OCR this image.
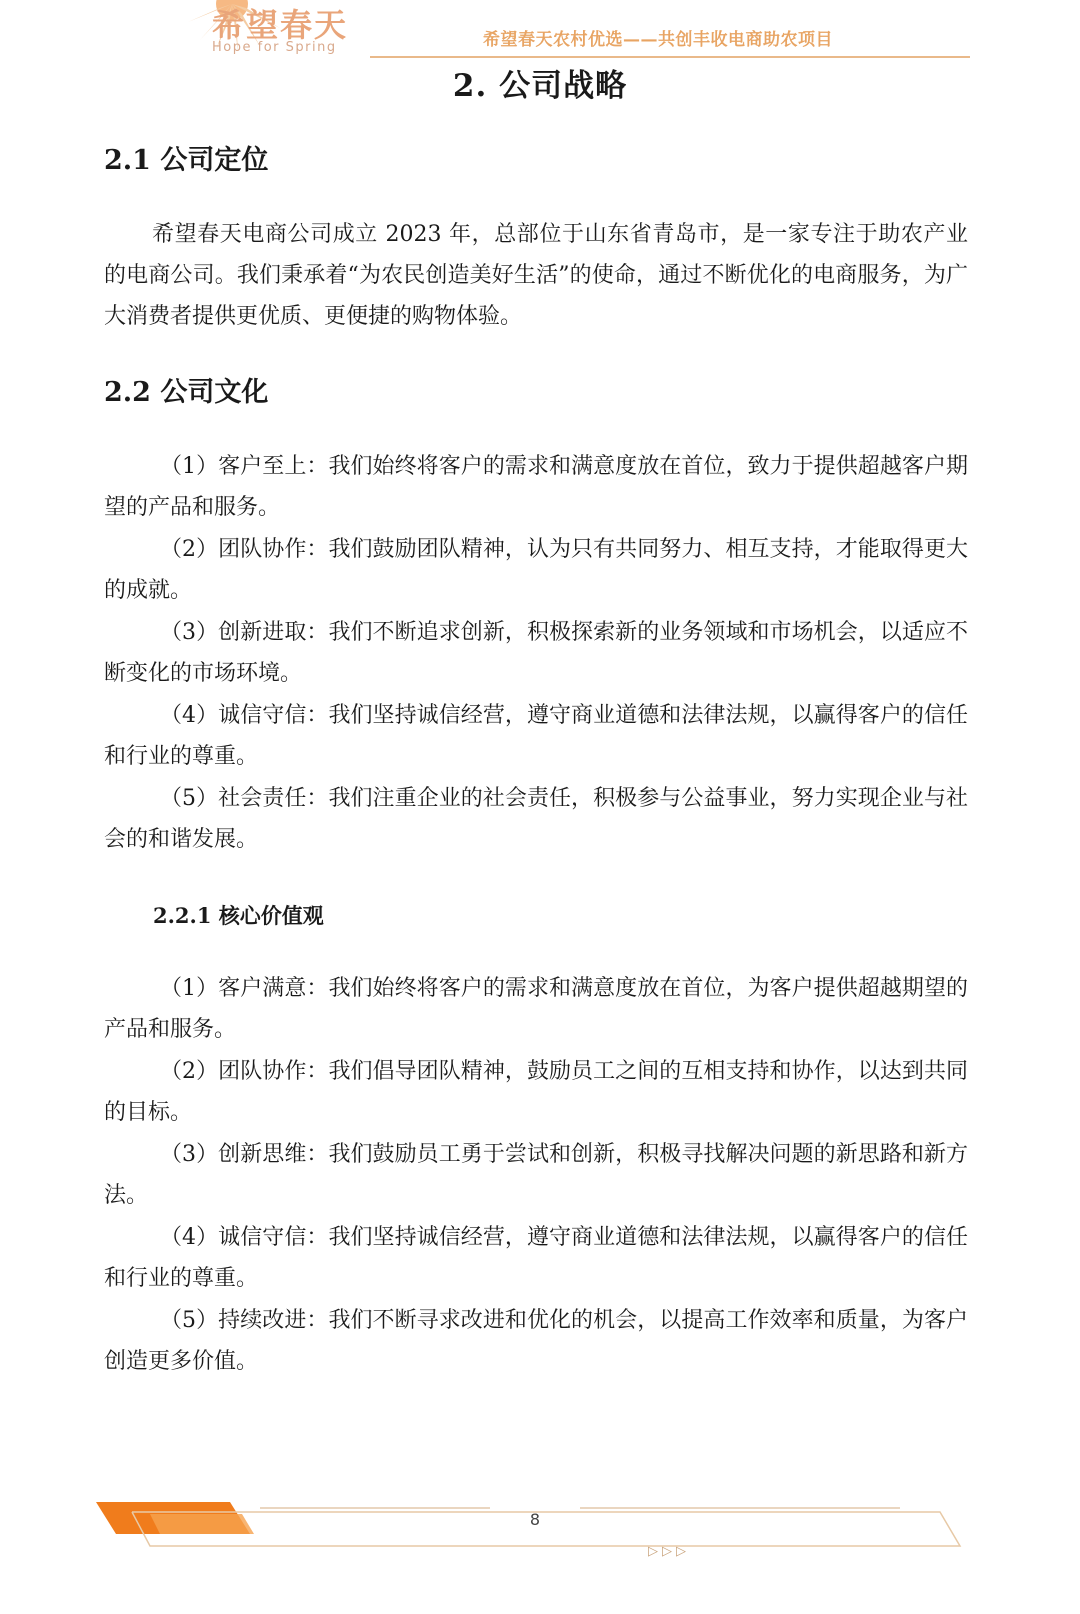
希望春天
Hope for Spring	希望春天农村优选——共创丰收电商助农项目
2. 公司战略
2.1 公司定位

希望春天电商公司成立 2023 年，总部位于山东省青岛市，是一家专注于助农产业的电商公司。我们秉承着“为农民创造美好生活”的使命，通过不断优化的电商服务，为广大消费者提供更优质、更便捷的购物体验。

2.2 公司文化

（1）客户至上：我们始终将客户的需求和满意度放在首位，致力于提供超越客户期望的产品和服务。

（2）团队协作：我们鼓励团队精神，认为只有共同努力、相互支持，才能取得更大的成就。

（3）创新进取：我们不断追求创新，积极探索新的业务领域和市场机会，以适应不断变化的市场环境。

（4）诚信守信：我们坚持诚信经营，遵守商业道德和法律法规，以赢得客户的信任和行业的尊重。

（5）社会责任：我们注重企业的社会责任，积极参与公益事业，努力实现企业与社会的和谐发展。

2.2.1 核心价值观

（1）客户满意：我们始终将客户的需求和满意度放在首位，为客户提供超越期望的产品和服务。

（2）团队协作：我们倡导团队精神，鼓励员工之间的互相支持和协作，以达到共同的目标。

（3）创新思维：我们鼓励员工勇于尝试和创新，积极寻找解决问题的新思路和新方法。

（4）诚信守信：我们坚持诚信经营，遵守商业道德和法律法规，以赢得客户的信任和行业的尊重。

（5）持续改进：我们不断寻求改进和优化的机会，以提高工作效率和质量，为客户创造更多价值。

8
▷▷▷
